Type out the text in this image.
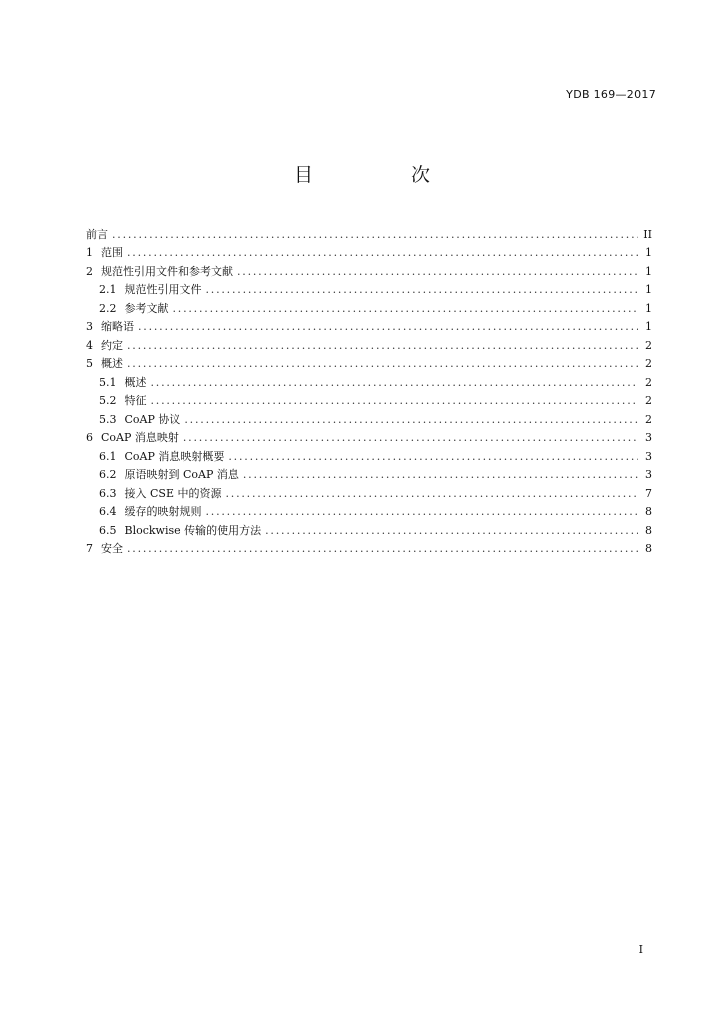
YDB 169—2017
目 次
前言 .....	II
1 范围 .....	1
2 规范性引用文件和参考文献 .....	1
2.1 规范性引用文件 .....	1
2.2 参考文献 .....	1
3 缩略语 .....	1
4 约定 .....	2
5 概述 .....	2
5.1 概述 .....	2
5.2 特征 .....	2
5.3 CoAP 协议 .....	2
6 CoAP 消息映射 .....	3
6.1 CoAP 消息映射概要 .....	3
6.2 原语映射到 CoAP 消息 .....	3
6.3 接入 CSE 中的资源 .....	7
6.4 缓存的映射规则 .....	8
6.5 Blockwise 传输的使用方法 .....	8
7 安全 .....	8
I
